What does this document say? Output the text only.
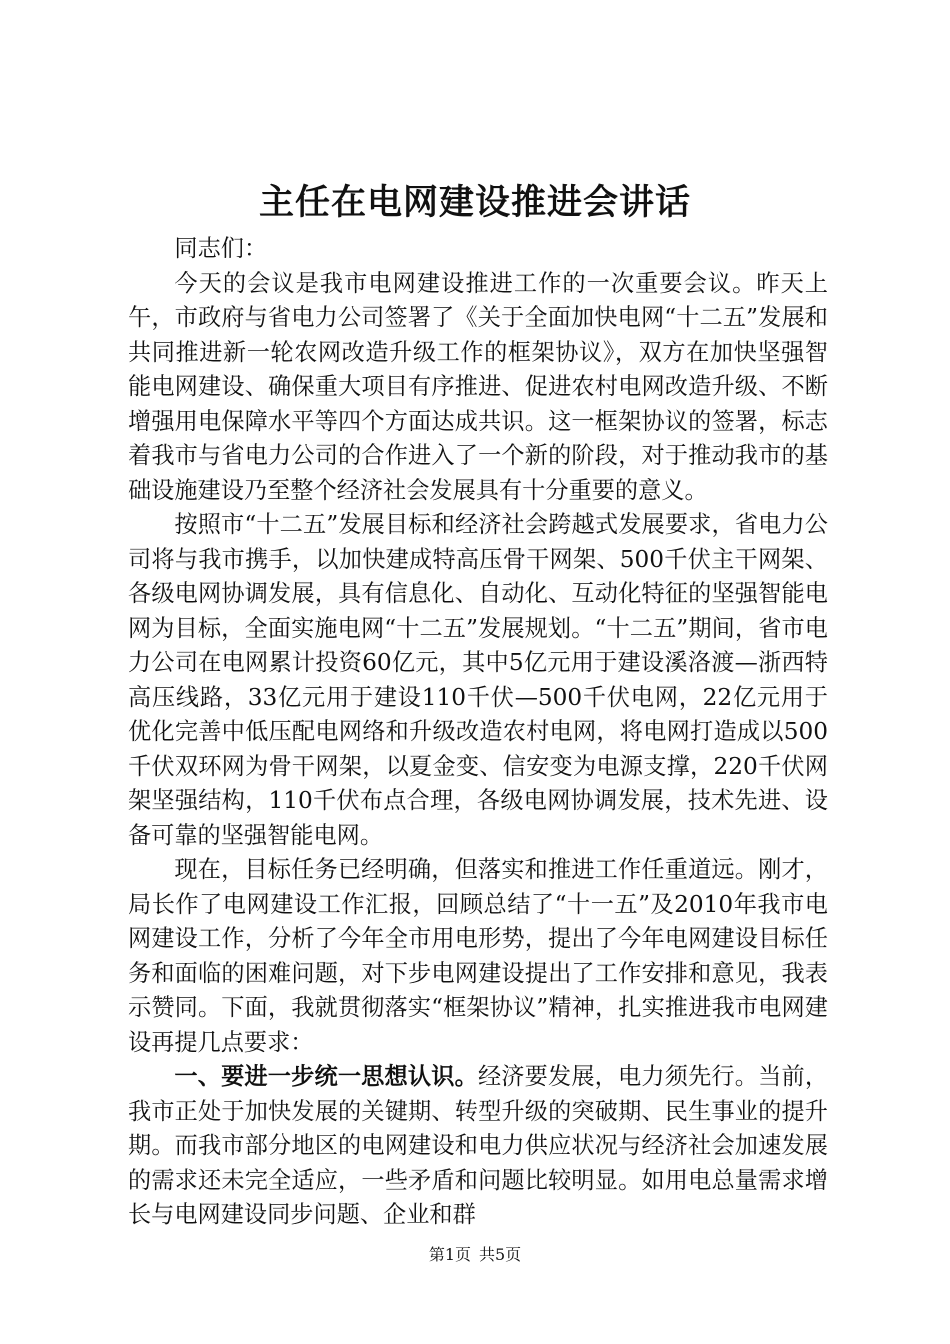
主任在电网建设推进会讲话

同志们：

今天的会议是我市电网建设推进工作的一次重要会议。昨天上午，市政府与省电力公司签署了《关于全面加快电网“十二五”发展和共同推进新一轮农网改造升级工作的框架协议》，双方在加快坚强智能电网建设、确保重大项目有序推进、促进农村电网改造升级、不断增强用电保障水平等四个方面达成共识。这一框架协议的签署，标志着我市与省电力公司的合作进入了一个新的阶段，对于推动我市的基础设施建设乃至整个经济社会发展具有十分重要的意义。

按照市“十二五”发展目标和经济社会跨越式发展要求，省电力公司将与我市携手，以加快建成特高压骨干网架、500千伏主干网架、各级电网协调发展，具有信息化、自动化、互动化特征的坚强智能电网为目标，全面实施电网“十二五”发展规划。“十二五”期间，省市电力公司在电网累计投资60亿元，其中5亿元用于建设溪洛渡—浙西特高压线路，33亿元用于建设110千伏—500千伏电网，22亿元用于优化完善中低压配电网络和升级改造农村电网，将电网打造成以500千伏双环网为骨干网架，以夏金变、信安变为电源支撑，220千伏网架坚强结构，110千伏布点合理，各级电网协调发展，技术先进、设备可靠的坚强智能电网。

现在，目标任务已经明确，但落实和推进工作任重道远。刚才，局长作了电网建设工作汇报，回顾总结了“十一五”及2010年我市电网建设工作，分析了今年全市用电形势，提出了今年电网建设目标任务和面临的困难问题，对下步电网建设提出了工作安排和意见，我表示赞同。下面，我就贯彻落实“框架协议”精神，扎实推进我市电网建设再提几点要求：

一、要进一步统一思想认识。经济要发展，电力须先行。当前，我市正处于加快发展的关键期、转型升级的突破期、民生事业的提升期。而我市部分地区的电网建设和电力供应状况与经济社会加速发展的需求还未完全适应，一些矛盾和问题比较明显。如用电总量需求增长与电网建设同步问题、企业和群

第1页 共5页
